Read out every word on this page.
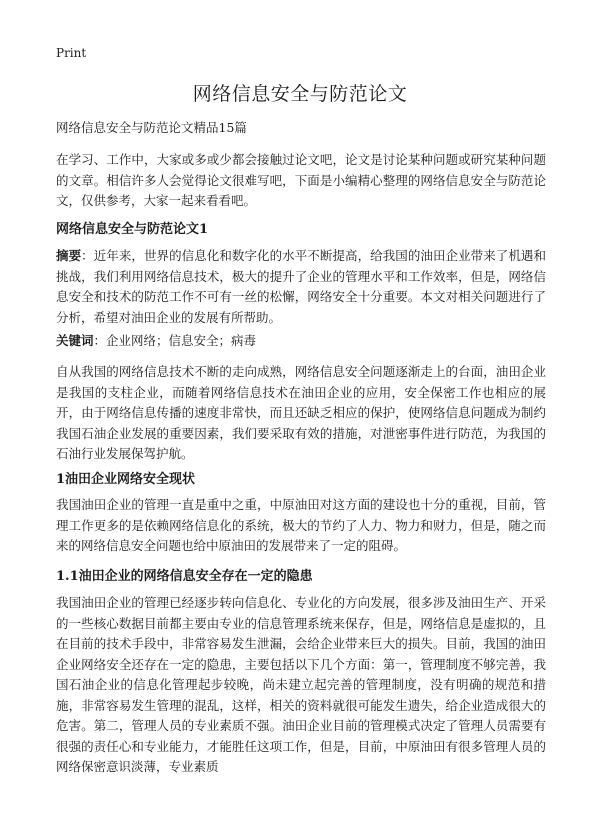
Print
网络信息安全与防范论文
网络信息安全与防范论文精品15篇

在学习、工作中，大家或多或少都会接触过论文吧，论文是讨论某种问题或研究某种问题的文章。相信许多人会觉得论文很难写吧，下面是小编精心整理的网络信息安全与防范论文，仅供参考，大家一起来看看吧。

网络信息安全与防范论文1

摘要：近年来，世界的信息化和数字化的水平不断提高，给我国的油田企业带来了机遇和挑战，我们利用网络信息技术，极大的提升了企业的管理水平和工作效率，但是，网络信息安全和技术的防范工作不可有一丝的松懈，网络安全十分重要。本文对相关问题进行了分析，希望对油田企业的发展有所帮助。

关键词：企业网络；信息安全；病毒

自从我国的网络信息技术不断的走向成熟，网络信息安全问题逐渐走上的台面，油田企业是我国的支柱企业，而随着网络信息技术在油田企业的应用，安全保密工作也相应的展开，由于网络信息传播的速度非常快，而且还缺乏相应的保护，使网络信息问题成为制约我国石油企业发展的重要因素，我们要采取有效的措施，对泄密事件进行防范，为我国的石油行业发展保驾护航。

1油田企业网络安全现状

我国油田企业的管理一直是重中之重，中原油田对这方面的建设也十分的重视，目前，管理工作更多的是依赖网络信息化的系统，极大的节约了人力、物力和财力，但是，随之而来的网络信息安全问题也给中原油田的发展带来了一定的阻碍。

1.1油田企业的网络信息安全存在一定的隐患

我国油田企业的管理已经逐步转向信息化、专业化的方向发展，很多涉及油田生产、开采的一些核心数据目前都主要由专业的信息管理系统来保存，但是，网络信息是虚拟的，且在目前的技术手段中，非常容易发生泄漏，会给企业带来巨大的损失。目前，我国的油田企业网络安全还存在一定的隐患，主要包括以下几个方面：第一，管理制度不够完善，我国石油企业的信息化管理起步较晚，尚未建立起完善的管理制度，没有明确的规范和措施，非常容易发生管理的混乱，这样，相关的资料就很可能发生遗失，给企业造成很大的危害。第二，管理人员的专业素质不强。油田企业目前的管理模式决定了管理人员需要有很强的责任心和专业能力，才能胜任这项工作，但是，目前，中原油田有很多管理人员的网络保密意识淡薄，专业素质
